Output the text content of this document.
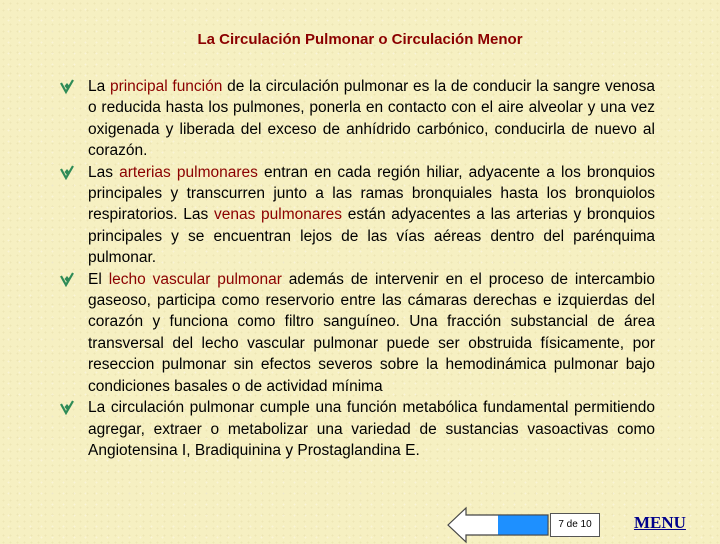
La Circulación Pulmonar o Circulación Menor
La principal función de la circulación pulmonar es la de conducir la sangre venosa o reducida hasta los pulmones, ponerla en contacto con el aire alveolar y una vez oxigenada y liberada del exceso de anhídrido carbónico, conducirla de nuevo al corazón.
Las arterias pulmonares entran en cada región hiliar, adyacente a los bronquios principales y transcurren junto a las ramas bronquiales hasta los bronquiolos respiratorios. Las venas pulmonares están adyacentes a las arterias y bronquios principales y se encuentran lejos de las vías aéreas dentro del parénquima pulmonar.
El lecho vascular pulmonar además de intervenir en el proceso de intercambio gaseoso, participa como reservorio entre las cámaras derechas e izquierdas del corazón y funciona como filtro sanguíneo. Una fracción substancial de área transversal del lecho vascular pulmonar puede ser obstruida físicamente, por reseccion pulmonar sin efectos severos sobre la hemodinámica pulmonar bajo condiciones basales o de actividad mínima
La circulación pulmonar cumple una función metabólica fundamental permitiendo agregar, extraer o metabolizar una variedad de sustancias vasoactivas como Angiotensina I, Bradiquinina y Prostaglandina E.
7 de 10	MENU
